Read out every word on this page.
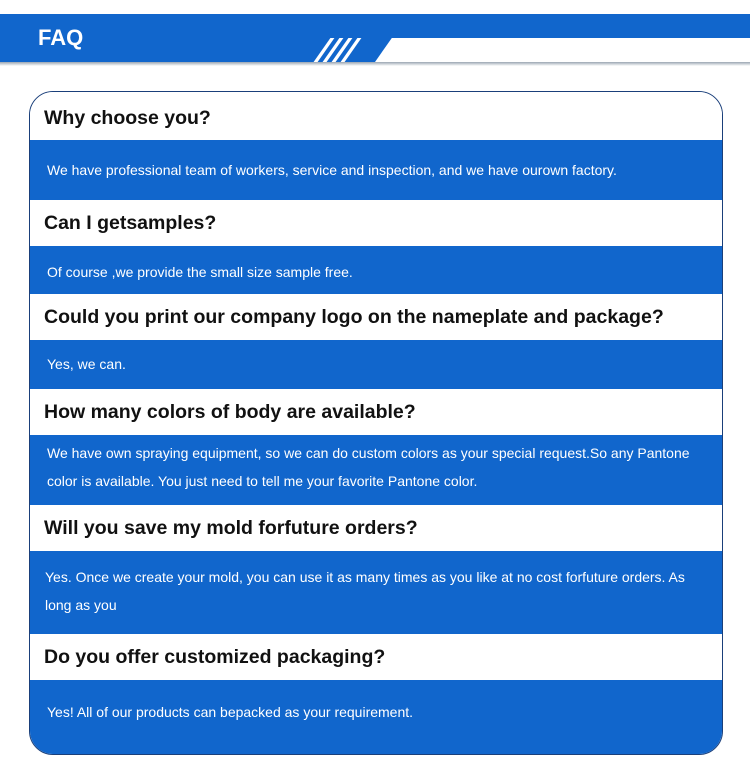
FAQ
Why choose you?
We have professional team of workers, service and inspection, and we have ourown factory.
Can I getsamples?
Of course ,we provide the small size sample free.
Could you print our company logo on the nameplate and package?
Yes, we can.
How many colors of body are available?
We have own spraying equipment, so we can do custom colors as your special request.So any Pantone color is available. You just need to tell me your favorite Pantone color.
Will you save my mold forfuture orders?
Yes. Once we create your mold, you can use it as many times as you like at no cost forfuture orders. As long as you
Do you offer customized packaging?
Yes! All of our products can bepacked as your requirement.
